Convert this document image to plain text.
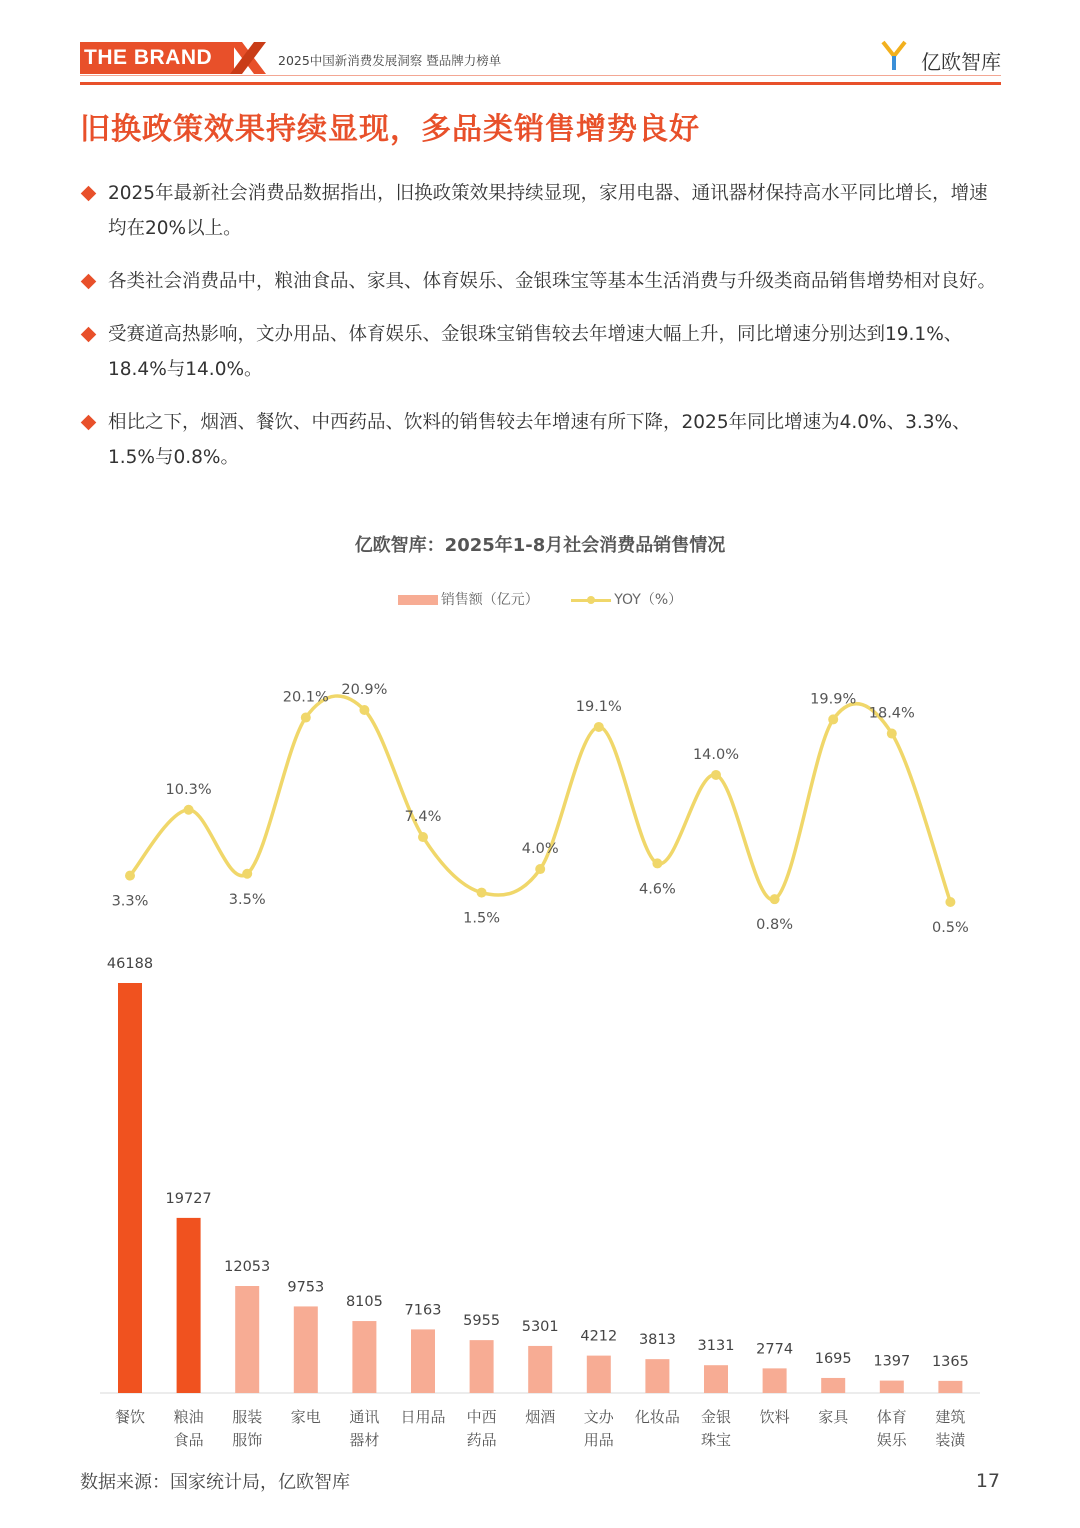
THE BRAND	2025中国新消费发展洞察 暨品牌力榜单	亿欧智库
旧换政策效果持续显现，多品类销售增势良好
2025年最新社会消费品数据指出，旧换政策效果持续显现，家用电器、通讯器材保持高水平同比增长，增速均在20%以上。
各类社会消费品中，粮油食品、家具、体育娱乐、金银珠宝等基本生活消费与升级类商品销售增势相对良好。
受赛道高热影响，文办用品、体育娱乐、金银珠宝销售较去年增速大幅上升，同比增速分别达到19.1%、18.4%与14.0%。
相比之下，烟酒、餐饮、中西药品、饮料的销售较去年增速有所下降，2025年同比增速为4.0%、3.3%、1.5%与0.8%。
亿欧智库：2025年1-8月社会消费品销售情况
销售额（亿元）	YOY（%）
46188
餐饮
19727
粮油
食品
12053
服装
服饰
9753
家电
8105
通讯
器材
7163
日用品
5955
中西
药品
5301
烟酒
4212
文办
用品
3813
化妆品
3131
金银
珠宝
2774
饮料
1695
家具
1397
体育
娱乐
1365
建筑
装潢
3.3%
10.3%
3.5%
20.1% 20.9%
7.4%
1.5%
4.0%
19.1%
4.6%
14.0%
0.8%
19.9%
18.4%
0.5%
数据来源：国家统计局，亿欧智库	17
